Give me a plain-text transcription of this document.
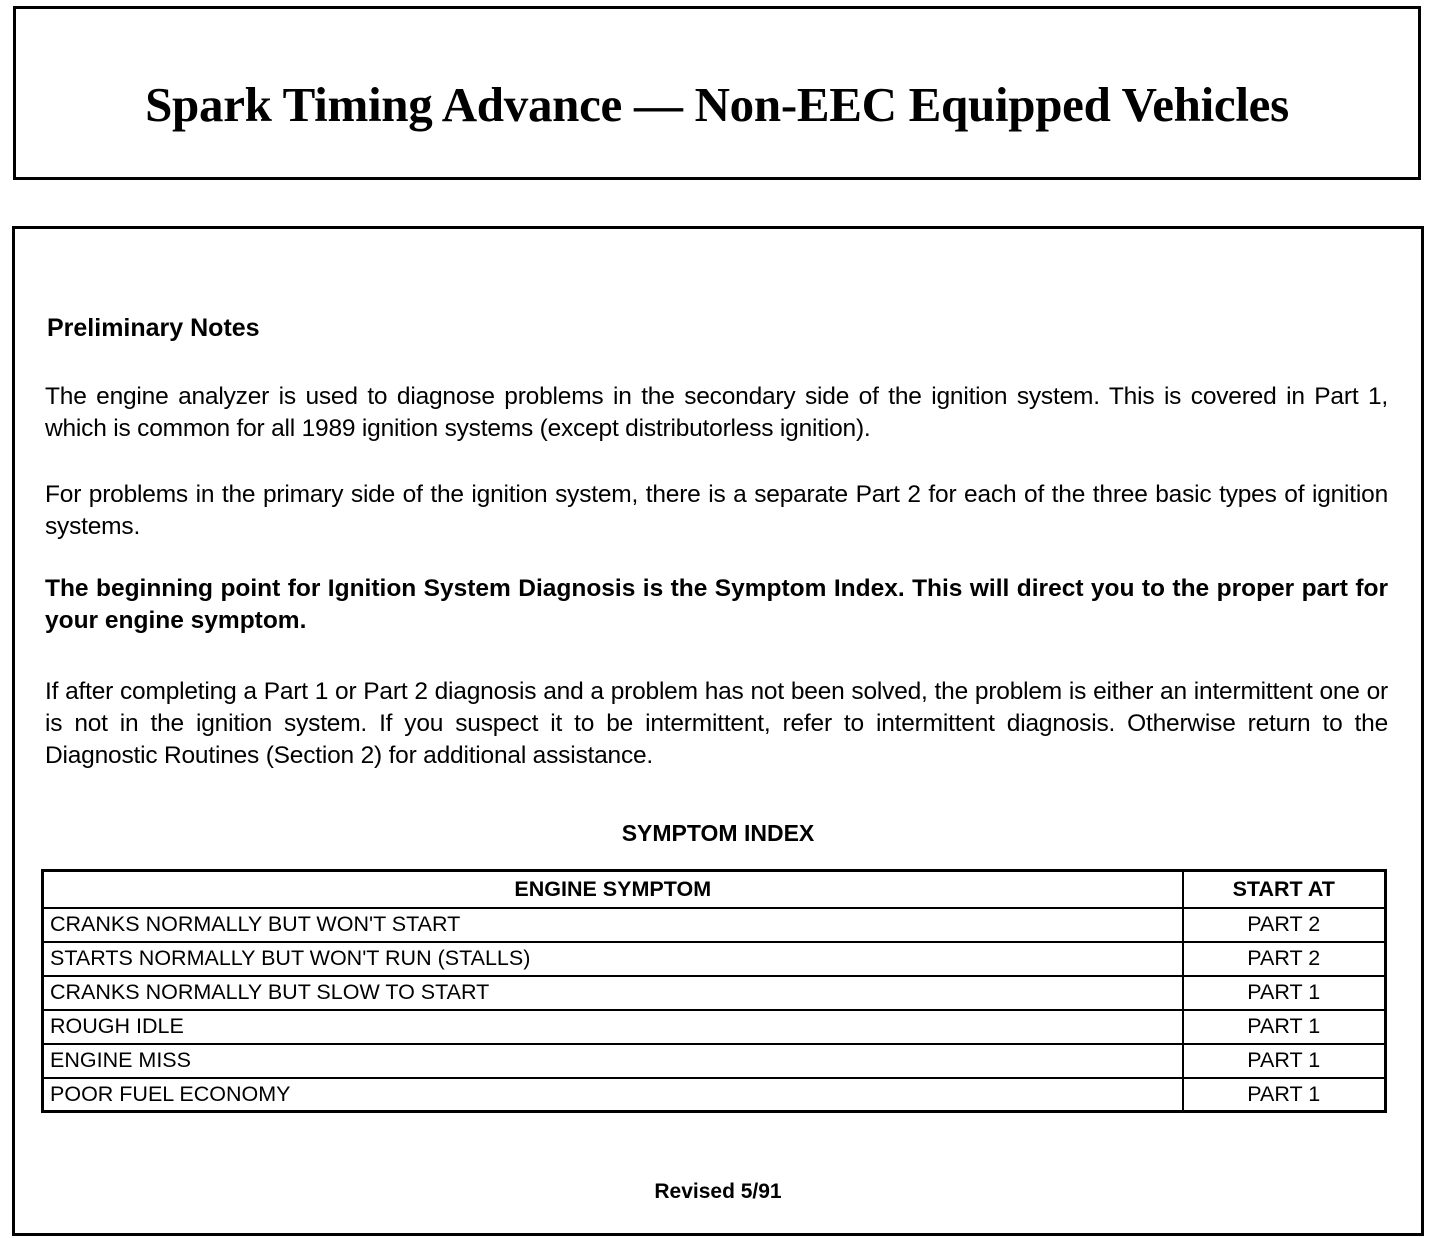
Spark Timing Advance — Non-EEC Equipped Vehicles
Preliminary Notes
The engine analyzer is used to diagnose problems in the secondary side of the ignition system. This is covered in Part 1, which is common for all 1989 ignition systems (except distributorless ignition).
For problems in the primary side of the ignition system, there is a separate Part 2 for each of the three basic types of ignition systems.
The beginning point for Ignition System Diagnosis is the Symptom Index. This will direct you to the proper part for your engine symptom.
If after completing a Part 1 or Part 2 diagnosis and a problem has not been solved, the problem is either an intermittent one or is not in the ignition system. If you suspect it to be intermittent, refer to intermittent diagnosis. Otherwise return to the Diagnostic Routines (Section 2) for additional assistance.
SYMPTOM INDEX
ENGINE SYMPTOM	START AT
CRANKS NORMALLY BUT WON'T START	PART 2
STARTS NORMALLY BUT WON'T RUN (STALLS)	PART 2
CRANKS NORMALLY BUT SLOW TO START	PART 1
ROUGH IDLE	PART 1
ENGINE MISS	PART 1
POOR FUEL ECONOMY	PART 1
Revised 5/91
